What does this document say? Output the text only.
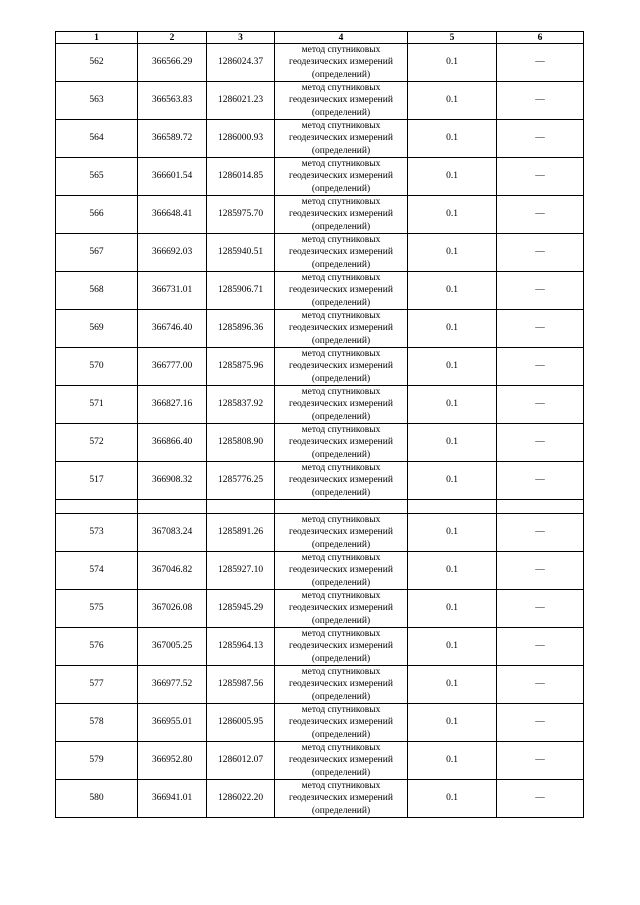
1	2	3	4	5	6
562	366566.29	1286024.37	метод спутниковых геодезических измерений (определений)	0.1	—
563	366563.83	1286021.23	метод спутниковых геодезических измерений (определений)	0.1	—
564	366589.72	1286000.93	метод спутниковых геодезических измерений (определений)	0.1	—
565	366601.54	1286014.85	метод спутниковых геодезических измерений (определений)	0.1	—
566	366648.41	1285975.70	метод спутниковых геодезических измерений (определений)	0.1	—
567	366692.03	1285940.51	метод спутниковых геодезических измерений (определений)	0.1	—
568	366731.01	1285906.71	метод спутниковых геодезических измерений (определений)	0.1	—
569	366746.40	1285896.36	метод спутниковых геодезических измерений (определений)	0.1	—
570	366777.00	1285875.96	метод спутниковых геодезических измерений (определений)	0.1	—
571	366827.16	1285837.92	метод спутниковых геодезических измерений (определений)	0.1	—
572	366866.40	1285808.90	метод спутниковых геодезических измерений (определений)	0.1	—
517	366908.32	1285776.25	метод спутниковых геодезических измерений (определений)	0.1	—

573	367083.24	1285891.26	метод спутниковых геодезических измерений (определений)	0.1	—
574	367046.82	1285927.10	метод спутниковых геодезических измерений (определений)	0.1	—
575	367026.08	1285945.29	метод спутниковых геодезических измерений (определений)	0.1	—
576	367005.25	1285964.13	метод спутниковых геодезических измерений (определений)	0.1	—
577	366977.52	1285987.56	метод спутниковых геодезических измерений (определений)	0.1	—
578	366955.01	1286005.95	метод спутниковых геодезических измерений (определений)	0.1	—
579	366952.80	1286012.07	метод спутниковых геодезических измерений (определений)	0.1	—
580	366941.01	1286022.20	метод спутниковых геодезических измерений (определений)	0.1	—
